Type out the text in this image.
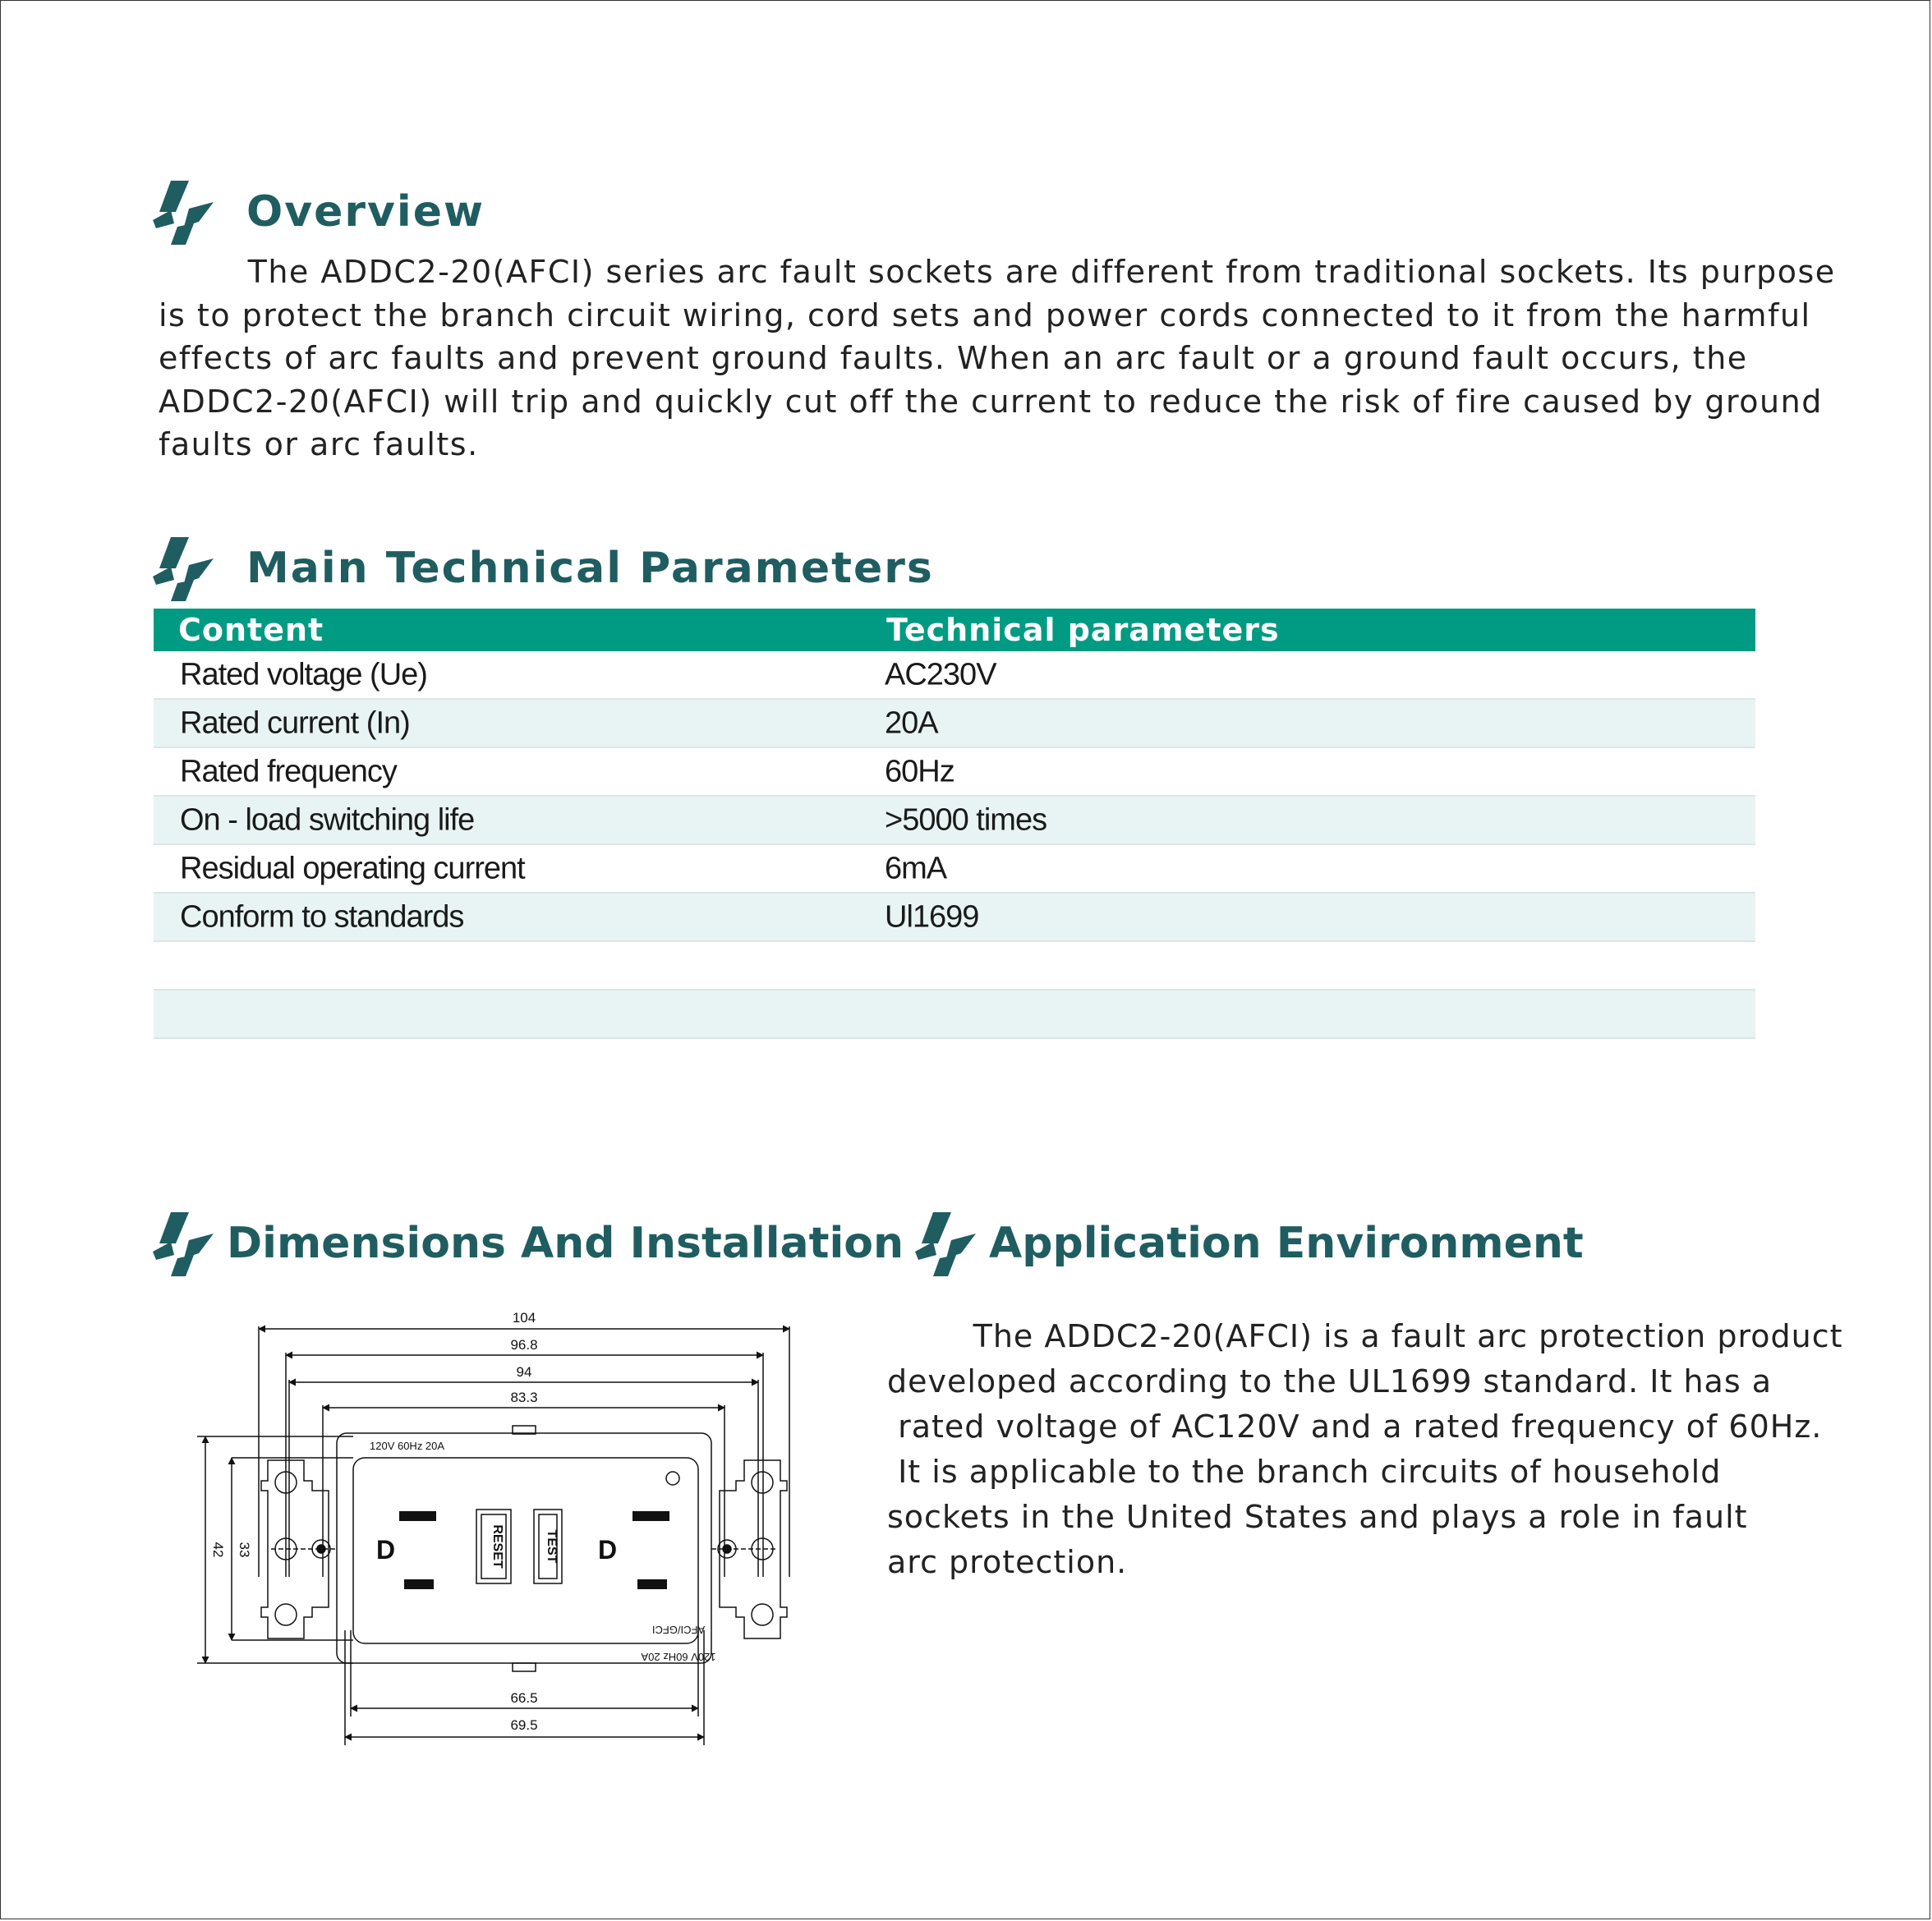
Overview

The ADDC2-20(AFCI) series arc fault sockets are different from traditional sockets. Its purpose

is to protect the branch circuit wiring, cord sets and power cords connected to it from the harmful

effects of arc faults and prevent ground faults. When an arc fault or a ground fault occurs, the

ADDC2-20(AFCI) will trip and quickly cut off the current to reduce the risk of fire caused by ground

faults or arc faults.

Main Technical Parameters
Content	Technical parameters
Rated voltage (Ue)	AC230V
Rated current (In)	20A
Rated frequency	60Hz
On - load switching life	>5000 times
Residual operating current	6mA
Conform to standards	Ul1699
Dimensions And Installation
104
96.8
94
83.3
42 33
66.5
69.5
120V 60Hz 20A
120V 60Hz 20A
AFCI/GFCI
RESET	TEST
D	D
Application Environment

The ADDC2-20(AFCI) is a fault arc protection product

developed according to the UL1699 standard. It has a

rated voltage of AC120V and a rated frequency of 60Hz.

It is applicable to the branch circuits of household

sockets in the United States and plays a role in fault

arc protection.
